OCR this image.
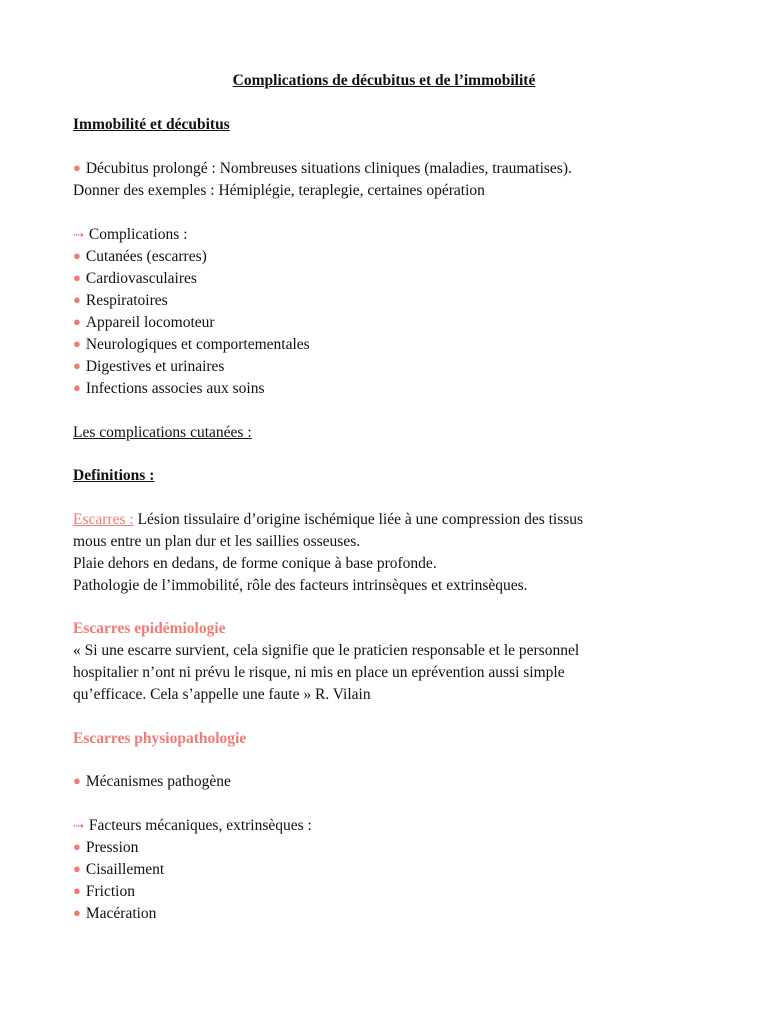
Complications de décubitus et de l’immobilité
Immobilité et décubitus
● Décubitus prolongé : Nombreuses situations cliniques (maladies, traumatises).
Donner des exemples : Hémiplégie, teraplegie, certaines opération
⇢ Complications :
● Cutanées (escarres)
● Cardiovasculaires
● Respiratoires
● Appareil locomoteur
● Neurologiques et comportementales
● Digestives et urinaires
● Infections associes aux soins
Les complications cutanées :
Definitions :
Escarres : Lésion tissulaire d’origine ischémique liée à une compression des tissus
mous entre un plan dur et les saillies osseuses.
Plaie dehors en dedans, de forme conique à base profonde.
Pathologie de l’immobilité, rôle des facteurs intrinsèques et extrinsèques.
Escarres epidémiologie
« Si une escarre survient, cela signifie que le praticien responsable et le personnel
hospitalier n’ont ni prévu le risque, ni mis en place un eprévention aussi simple
qu’efficace. Cela s’appelle une faute » R. Vilain
Escarres physiopathologie
● Mécanismes pathogène
⇢ Facteurs mécaniques, extrinsèques :
● Pression
● Cisaillement
● Friction
● Macération
